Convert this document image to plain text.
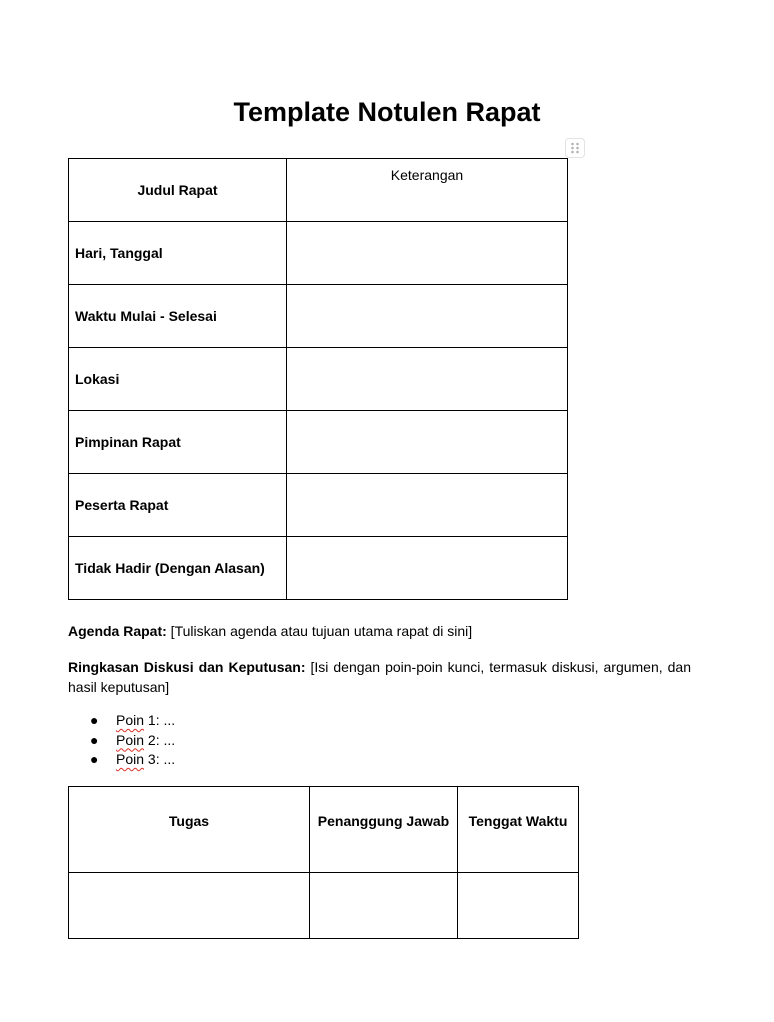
Template Notulen Rapat
Judul Rapat	Keterangan
Hari, Tanggal	
Waktu Mulai - Selesai	
Lokasi	
Pimpinan Rapat	
Peserta Rapat	
Tidak Hadir (Dengan Alasan)	

Agenda Rapat: [Tuliskan agenda atau tujuan utama rapat di sini]

Ringkasan Diskusi dan Keputusan: [Isi dengan poin-poin kunci, termasuk diskusi, argumen, dan hasil keputusan]

● Poin 1: ...
● Poin 2: ...
● Poin 3: ...
Tugas	Penanggung Jawab	Tenggat Waktu
